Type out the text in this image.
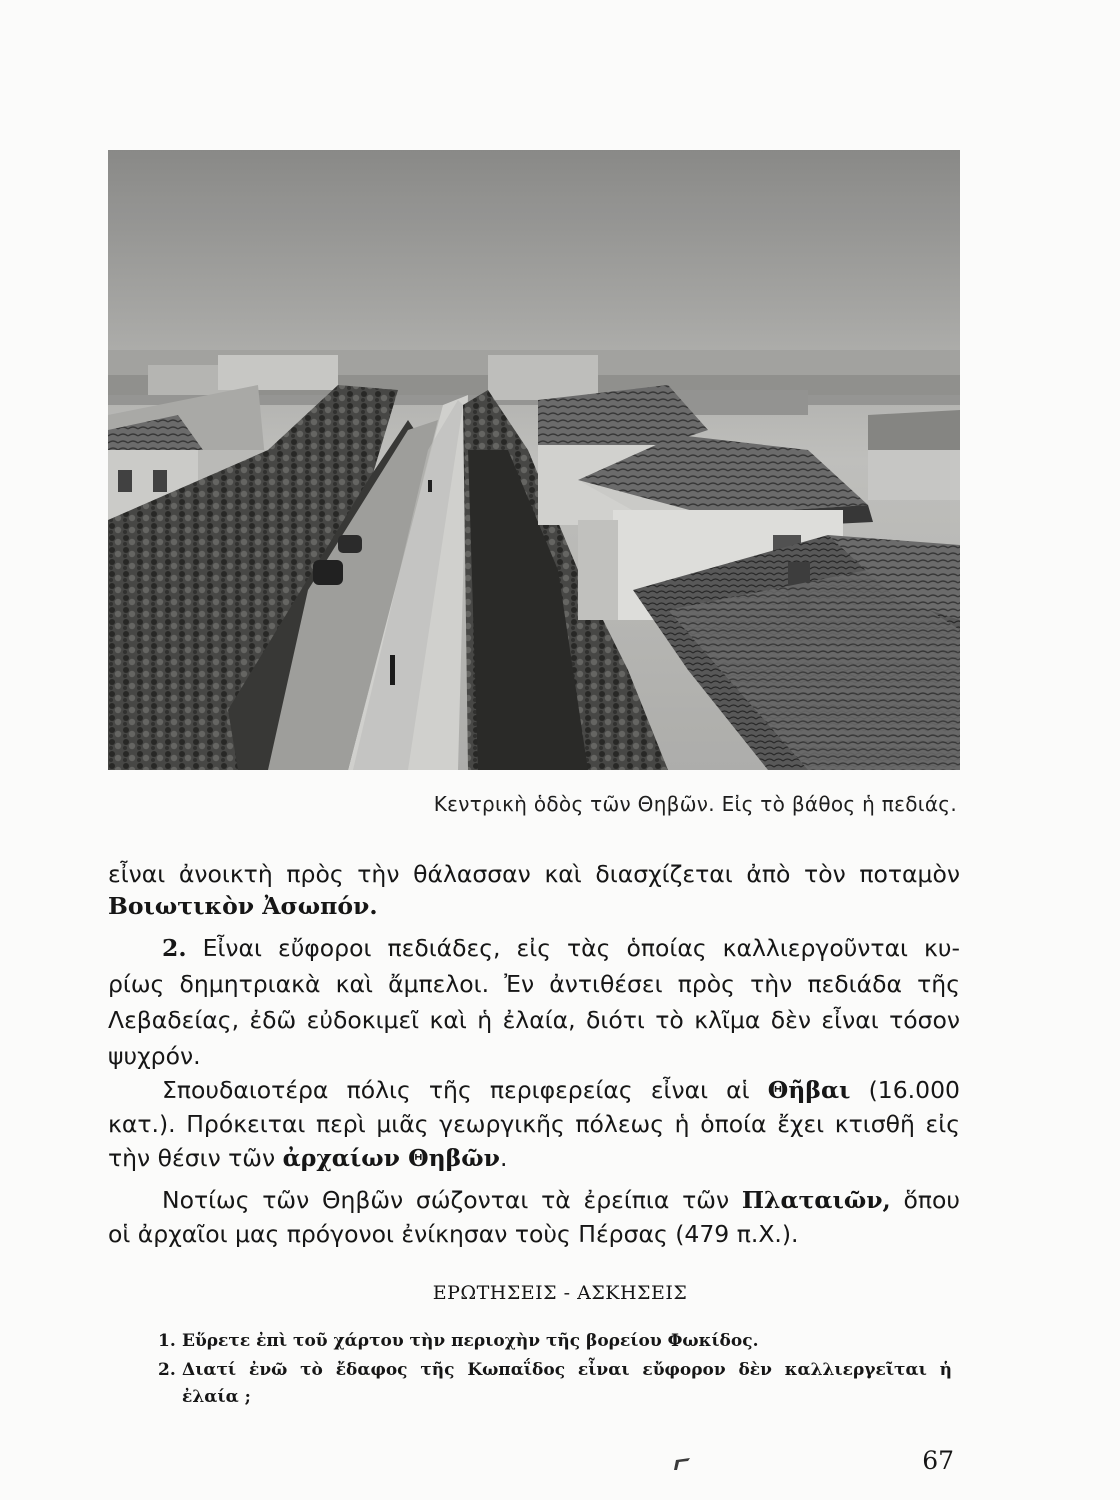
Κεντρικὴ ὁδὸς τῶν Θηβῶν. Εἰς τὸ βάθος ἡ πεδιάς.

εἶναι ἀνοικτὴ πρὸς τὴν θάλασσαν καὶ διασχίζεται ἀπὸ τὸν ποταμὸν

Βοιωτικὸν Ἀσωπόν.

2. Εἶναι εὔφοροι πεδιάδες, εἰς τὰς ὁποίας καλλιεργοῦνται κυ-

ρίως δημητριακὰ καὶ ἄμπελοι. Ἐν ἀντιθέσει πρὸς τὴν πεδιάδα τῆς

Λεβαδείας, ἐδῶ εὐδοκιμεῖ καὶ ἡ ἐλαία, διότι τὸ κλῖμα δὲν εἶναι τόσον

ψυχρόν.

Σπουδαιοτέρα πόλις τῆς περιφερείας εἶναι αἱ Θῆβαι (16.000

κατ.). Πρόκειται περὶ μιᾶς γεωργικῆς πόλεως ἡ ὁποία ἔχει κτισθῆ εἰς

τὴν θέσιν τῶν ἀρχαίων Θηβῶν.

Νοτίως τῶν Θηβῶν σώζονται τὰ ἐρείπια τῶν Πλαταιῶν, ὅπου

οἱ ἀρχαῖοι μας πρόγονοι ἐνίκησαν τοὺς Πέρσας (479 π.Χ.).

ΕΡΩΤΗΣΕΙΣ - ΑΣΚΗΣΕΙΣ
1. Εὕρετε ἐπὶ τοῦ χάρτου τὴν περιοχὴν τῆς βορείου Φωκίδος.
2. Διατί ἐνῶ τὸ ἔδαφος τῆς Κωπαΐδος εἶναι εὔφορον δὲν καλλιεργεῖται ἡ
ἐλαία ;
67
